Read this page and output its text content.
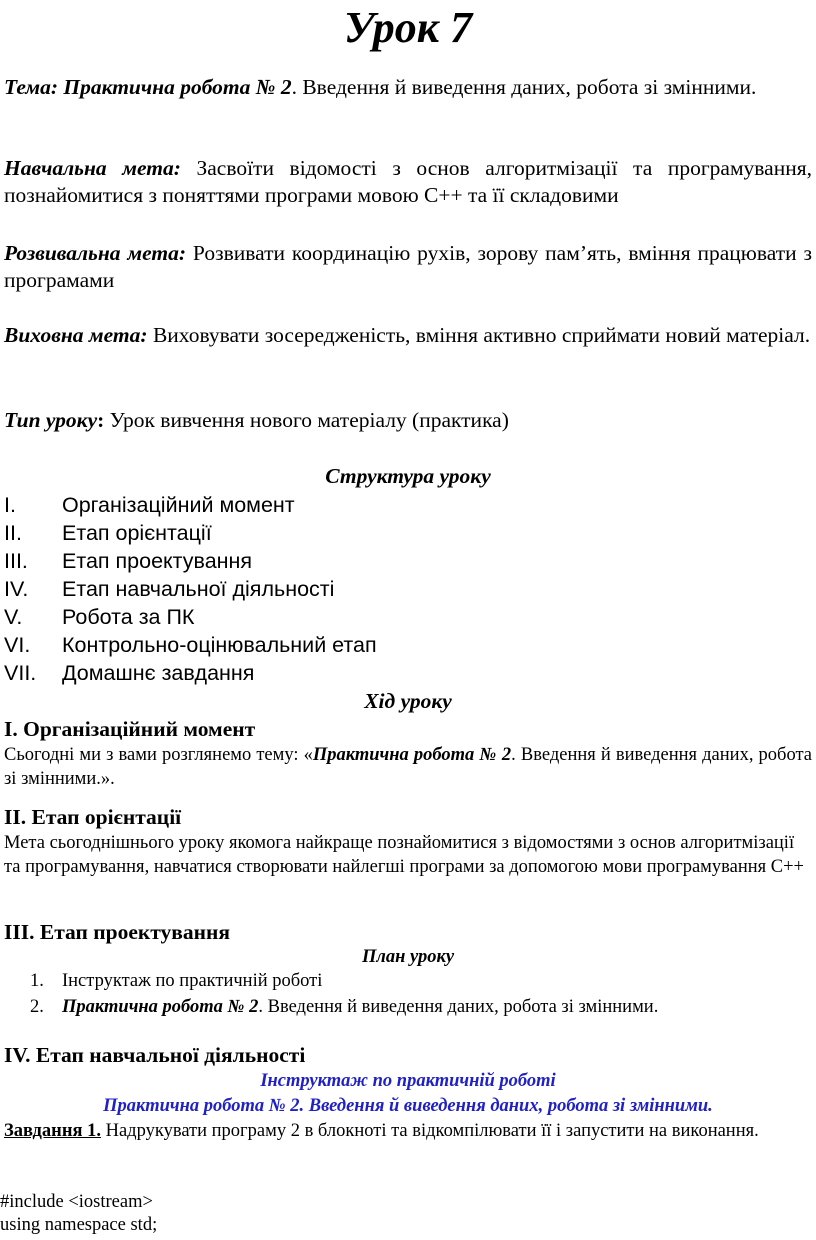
Урок 7
Тема: Практична робота № 2. Введення й виведення даних, робота зі змінними.
Навчальна мета: Засвоїти відомості з основ алгоритмізації та програмування, познайомитися з поняттями програми мовою С++ та її складовими
Розвивальна мета: Розвивати координацію рухів, зорову пам’ять, вміння працювати з програмами
Виховна мета: Виховувати зосередженість, вміння активно сприймати новий матеріал.
Тип уроку: Урок вивчення нового матеріалу (практика)
Структура уроку
I. Організаційний момент
II. Етап орієнтації
III. Етап проектування
IV. Етап навчальної діяльності
V. Робота за ПК
VI. Контрольно-оцінювальний етап
VII. Домашнє завдання
Хід уроку
I. Організаційний момент
Сьогодні ми з вами розглянемо тему: «Практична робота № 2. Введення й виведення даних, робота зі змінними.».
II. Етап орієнтації
Мета сьогоднішнього уроку якомога найкраще познайомитися з відомостями з основ алгоритмізації та програмування, навчатися створювати найлегші програми за допомогою мови програмування С++
III. Етап проектування
План уроку
1. Інструктаж по практичній роботі
2. Практична робота № 2. Введення й виведення даних, робота зі змінними.
IV. Етап навчальної діяльності
Інструктаж по практичній роботі
Практична робота № 2. Введення й виведення даних, робота зі змінними.
Завдання 1. Надрукувати програму 2 в блокноті та відкомпілювати її і запустити на виконання.
#include <iostream>
using namespace std;
